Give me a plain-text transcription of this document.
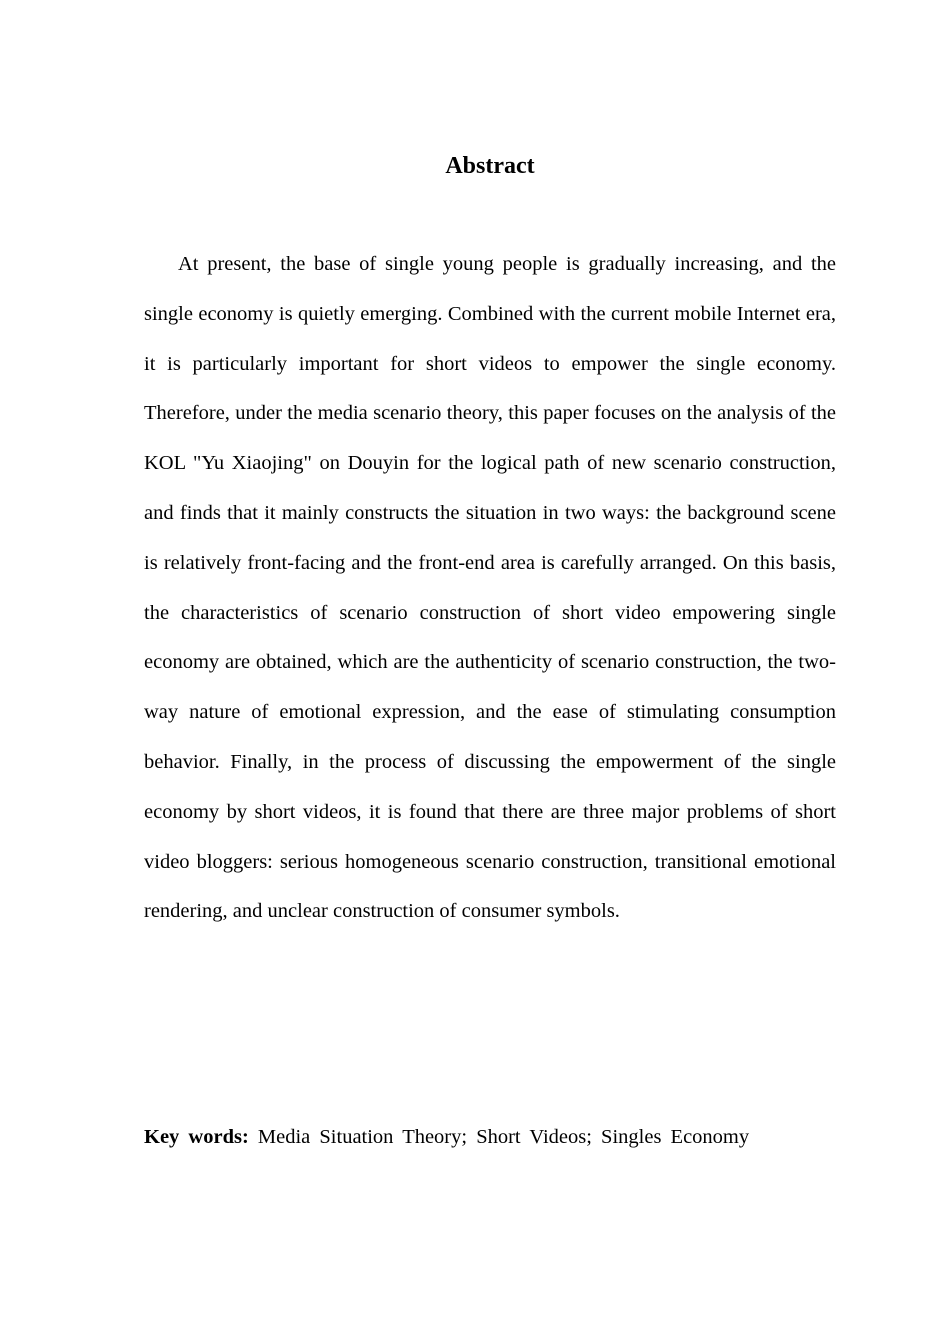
Abstract

At present, the base of single young people is gradually increasing, and the single economy is quietly emerging. Combined with the current mobile Internet era, it is particularly important for short videos to empower the single economy. Therefore, under the media scenario theory, this paper focuses on the analysis of the KOL "Yu Xiaojing" on Douyin for the logical path of new scenario construction, and finds that it mainly constructs the situation in two ways: the background scene is relatively front-facing and the front-end area is carefully arranged. On this basis, the characteristics of scenario construction of short video empowering single economy are obtained, which are the authenticity of scenario construction, the two-way nature of emotional expression, and the ease of stimulating consumption behavior. Finally, in the process of discussing the empowerment of the single economy by short videos, it is found that there are three major problems of short video bloggers: serious homogeneous scenario construction, transitional emotional rendering, and unclear construction of consumer symbols.

Key words: Media Situation Theory; Short Videos; Singles Economy
